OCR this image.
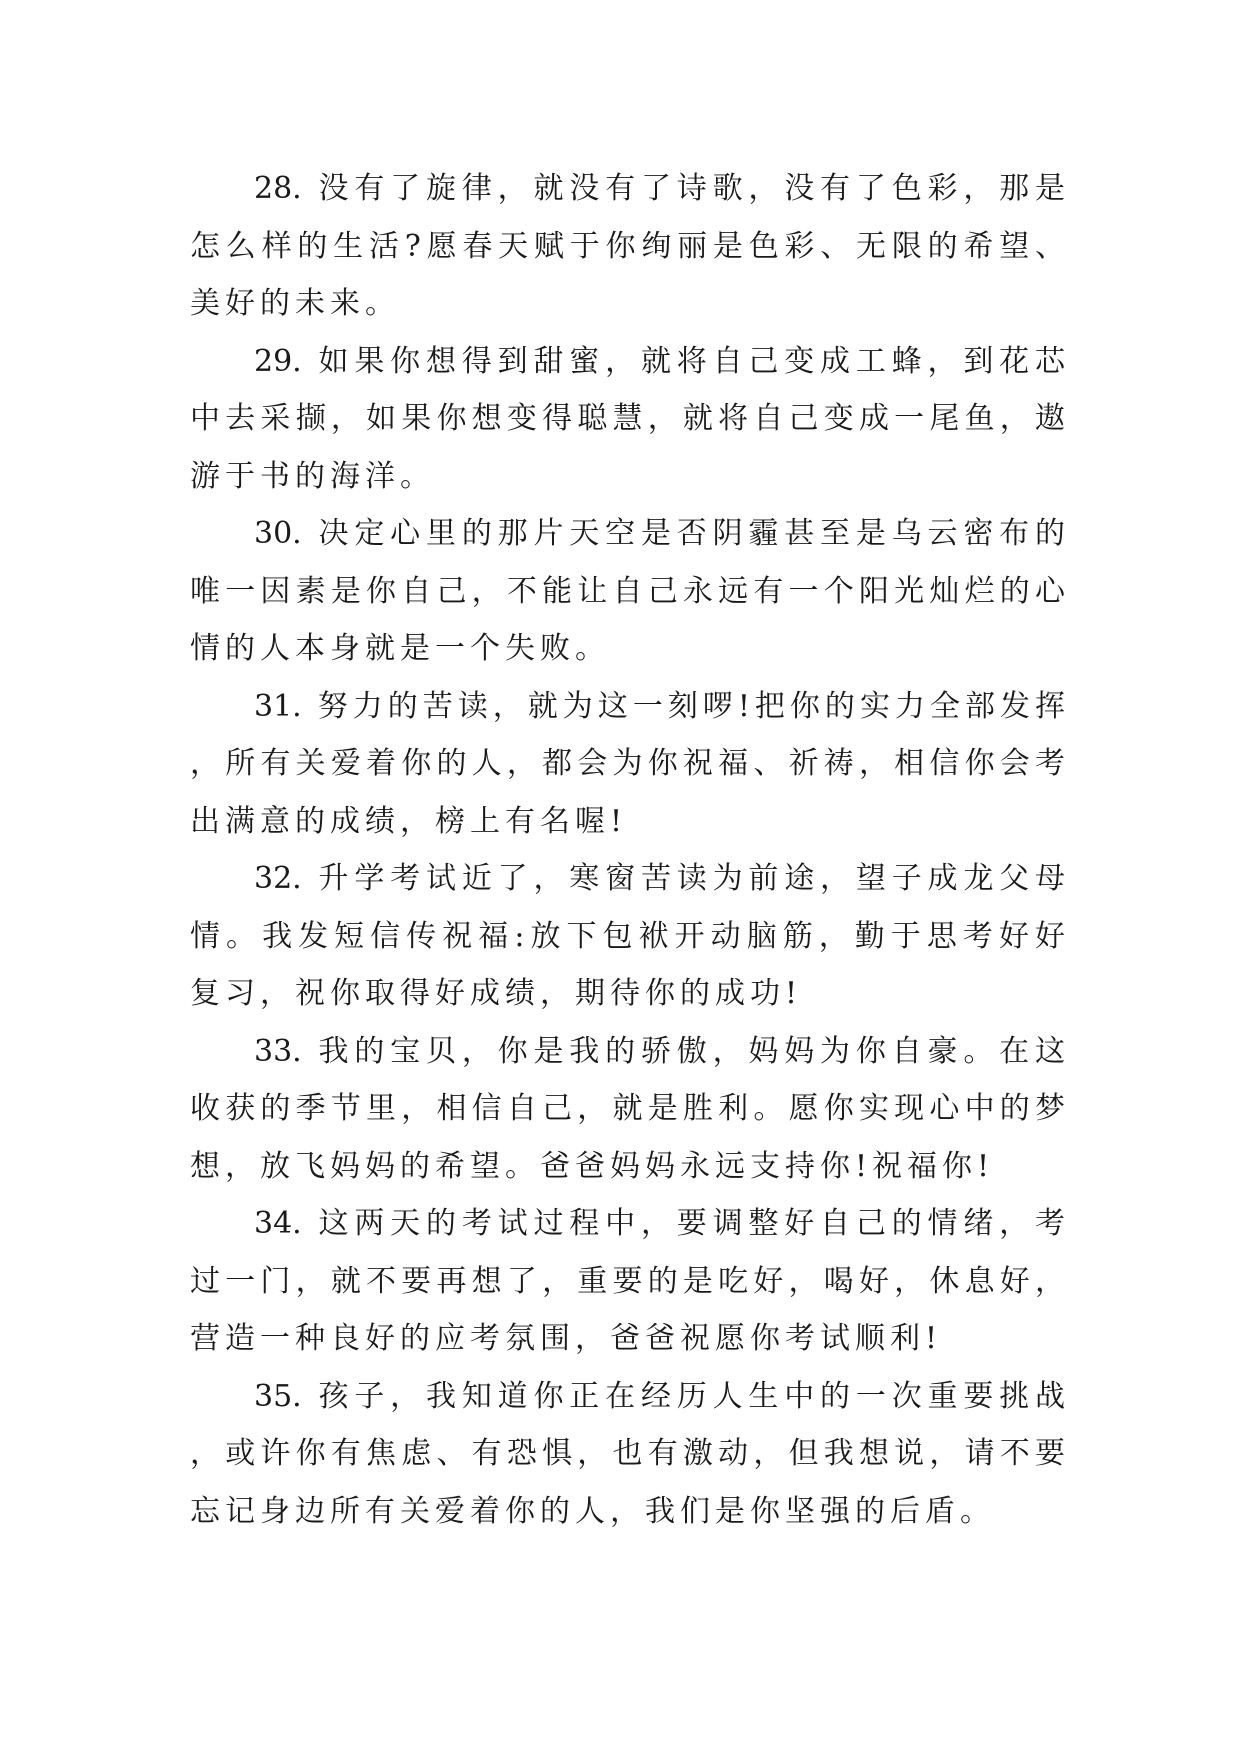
28. 没有了旋律，就没有了诗歌，没有了色彩，那是怎么样的生活?愿春天赋于你绚丽是色彩、无限的希望、美好的未来。

29. 如果你想得到甜蜜，就将自己变成工蜂，到花芯中去采撷，如果你想变得聪慧，就将自己变成一尾鱼，遨游于书的海洋。

30. 决定心里的那片天空是否阴霾甚至是乌云密布的唯一因素是你自己，不能让自己永远有一个阳光灿烂的心情的人本身就是一个失败。

31. 努力的苦读，就为这一刻啰!把你的实力全部发挥，所有关爱着你的人，都会为你祝福、祈祷，相信你会考出满意的成绩，榜上有名喔!

32. 升学考试近了，寒窗苦读为前途，望子成龙父母情。我发短信传祝福:放下包袱开动脑筋，勤于思考好好复习，祝你取得好成绩，期待你的成功!

33. 我的宝贝，你是我的骄傲，妈妈为你自豪。在这收获的季节里，相信自己，就是胜利。愿你实现心中的梦想，放飞妈妈的希望。爸爸妈妈永远支持你!祝福你!

34. 这两天的考试过程中，要调整好自己的情绪，考过一门，就不要再想了，重要的是吃好，喝好，休息好，营造一种良好的应考氛围，爸爸祝愿你考试顺利!

35. 孩子，我知道你正在经历人生中的一次重要挑战，或许你有焦虑、有恐惧，也有激动，但我想说，请不要忘记身边所有关爱着你的人，我们是你坚强的后盾。
